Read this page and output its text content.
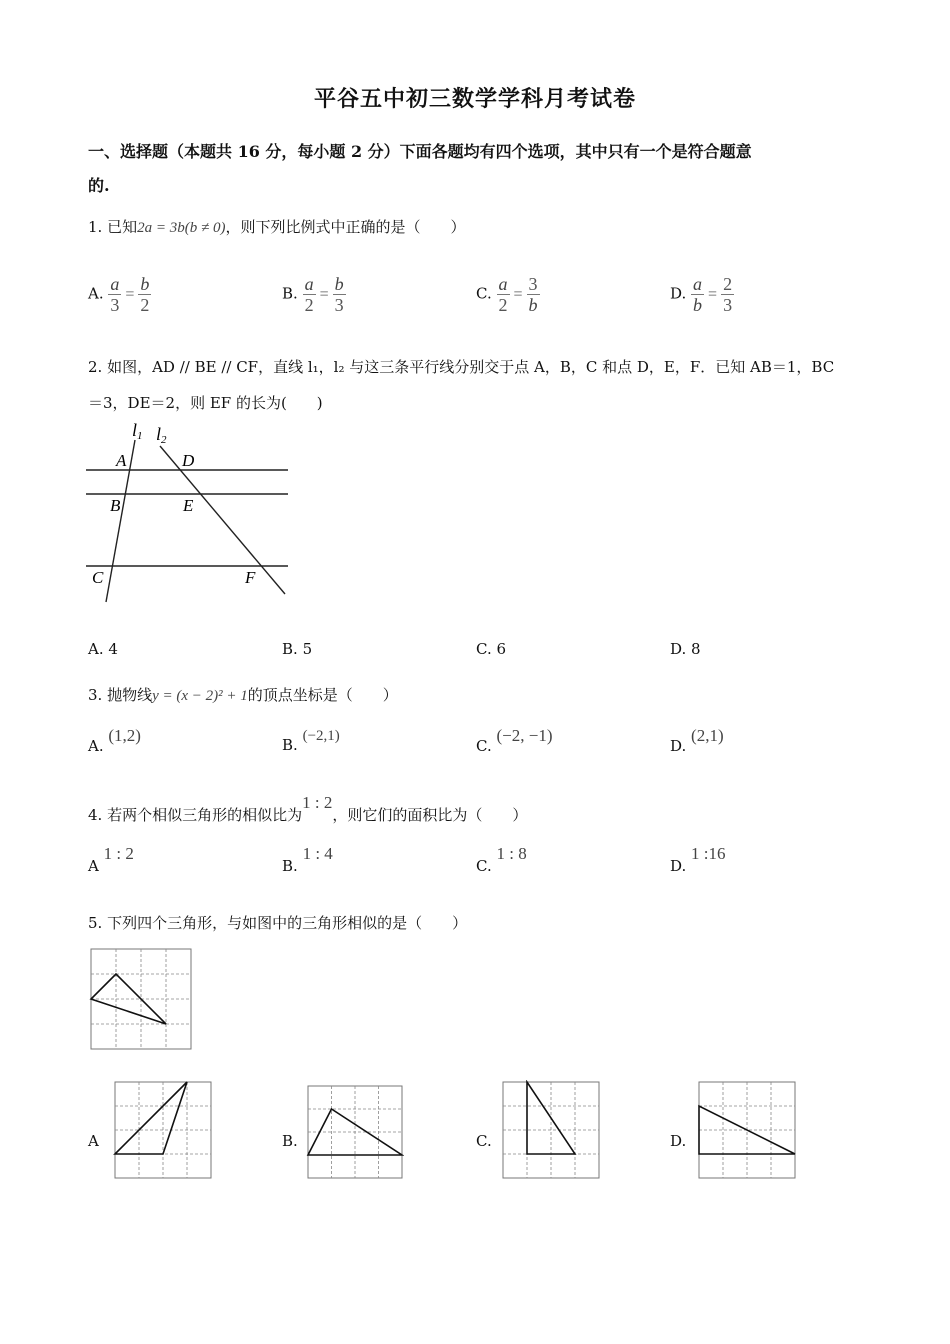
平谷五中初三数学学科月考试卷
一、选择题（本题共 16 分，每小题 2 分）下面各题均有四个选项，其中只有一个是符合题意
的.
1. 已知2a = 3b(b ≠ 0)，则下列比例式中正确的是（　　）
A. $\frac{a}{3} = \frac{b}{2}$	B. $\frac{a}{2} = \frac{b}{3}$	C. $\frac{a}{2} = \frac{3}{b}$	D. $\frac{a}{b} = \frac{2}{3}$
2. 如图，AD // BE // CF，直线 l₁，l₂ 与这三条平行线分别交于点 A，B，C 和点 D，E，F．已知 AB＝1，BC
＝3，DE＝2，则 EF 的长为(　　)
l1 l2
A	D
B	E
C	F
A. 4	B. 5	C. 6	D. 8
3. 抛物线y = (x − 2)² + 1的顶点坐标是（　　）
A. (1,2)	B. (−2,1)
C. (−2, −1)
D. (2,1)
4. 若两个相似三角形的相似比为1 : 2，则它们的面积比为（　　）
A 1 : 2
B. 1 : 4
C. 1 : 8
D. 1 :16
5. 下列四个三角形，与如图中的三角形相似的是（　　）
A	B.	C.	D.
